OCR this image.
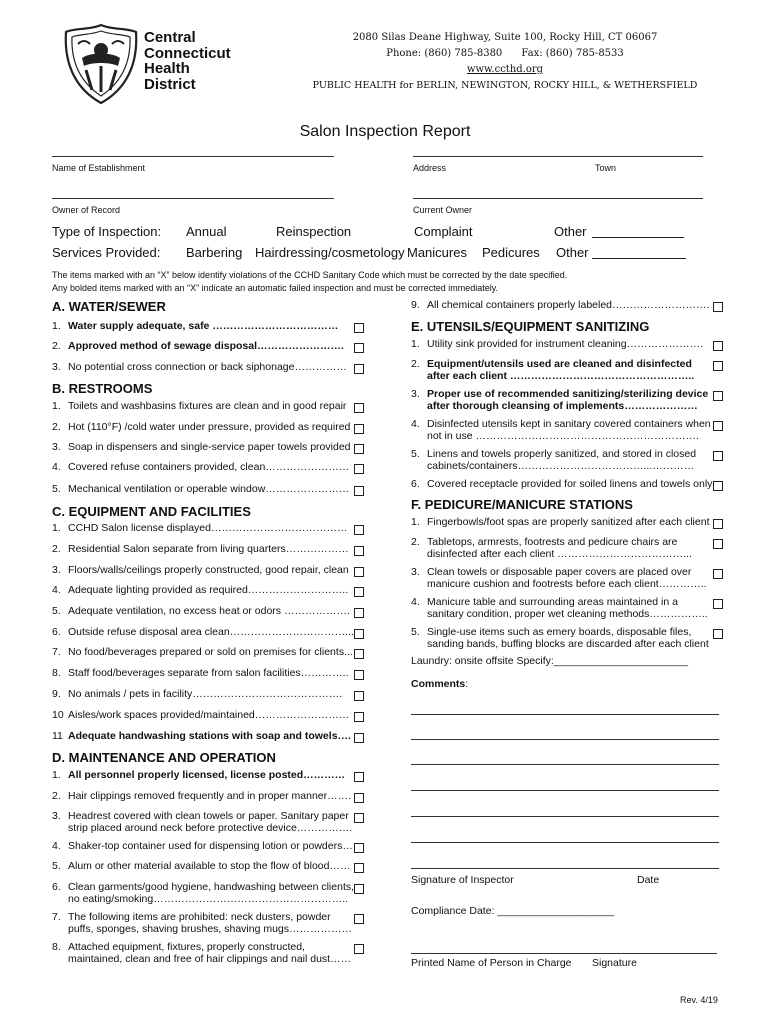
Central
Connecticut
Health
District
2080 Silas Deane Highway, Suite 100, Rocky Hill, CT 06067
Phone: (860) 785-8380      Fax: (860) 785-8533
www.ccthd.org
PUBLIC HEALTH for BERLIN, NEWINGTON, ROCKY HILL, & WETHERSFIELD
Salon Inspection Report
Name of Establishment	Address	Town
Owner of Record	Current Owner
Type of Inspection: Annual	Reinspection	Complaint	Other
Services Provided: Barbering Hairdressing/cosmetology Manicures Pedicures Other
The items marked with an “X” below identify violations of the CCHD Sanitary Code which must be corrected by the date specified.
Any bolded items marked with an “X” indicate an automatic failed inspection and must be corrected immediately.
A. WATER/SEWER
1. Water supply adequate, safe ………………………………
2. Approved method of sewage disposal…………………….
3. No potential cross connection or back siphonage……………
B. RESTROOMS
1. Toilets and washbasins fixtures are clean and in good repair
2. Hot (110°F) /cold water under pressure, provided as required
3. Soap in dispensers and single-service paper towels provided
4. Covered refuse containers provided, clean……………………
5. Mechanical ventilation or operable window……………………
C. EQUIPMENT AND FACILITIES
1. CCHD Salon license displayed…………………………………
2. Residential Salon separate from living quarters………………
3. Floors/walls/ceilings properly constructed, good repair, clean
4. Adequate lighting provided as required………………………..
5. Adequate ventilation, no excess heat or odors ……………….
6. Outside refuse disposal area clean……………………………...
7. No food/beverages prepared or sold on premises for clients...
8. Staff food/beverages separate from salon facilities…………..
9. No animals / pets in facility…………………………………….
10 Aisles/work spaces provided/maintained………………………
11 Adequate handwashing stations with soap and towels….
D. MAINTENANCE AND OPERATION
1. All personnel properly licensed, license posted…………
2. Hair clippings removed frequently and in proper manner…….
3. Headrest covered with clean towels or paper. Sanitary paper
strip placed around neck before protective device…………….
4. Shaker-top container used for dispensing lotion or powders…
5. Alum or other material available to stop the flow of blood……
6. Clean garments/good hygiene, handwashing between clients,
no eating/smoking………………………………………………..
7. The following items are prohibited: neck dusters, powder
puffs, sponges, shaving brushes, shaving mugs………………
8. Attached equipment, fixtures, properly constructed,
maintained, clean and free of hair clippings and nail dust……
9. All chemical containers properly labeled……………………….
E. UTENSILS/EQUIPMENT SANITIZING
1. Utility sink provided for instrument cleaning………………….
2. Equipment/utensils used are cleaned and disinfected
after each client ……………………………………………..
3. Proper use of recommended sanitizing/sterilizing device
after thorough cleansing of implements…………………
4. Disinfected utensils kept in sanitary covered containers when
not in use ……………………………………………………….
5. Linens and towels properly sanitized, and stored in closed
cabinets/containers………………………………...…………
6. Covered receptacle provided for soiled linens and towels only
F. PEDICURE/MANICURE STATIONS
1. Fingerbowls/foot spas are properly sanitized after each client
2. Tabletops, armrests, footrests and pedicure chairs are
disinfected after each client ………………………………...
3. Clean towels or disposable paper covers are placed over
manicure cushion and footrests before each client…………..
4. Manicure table and surrounding areas maintained in a
sanitary condition, proper wet cleaning methods……………..
5. Single-use items such as emery boards, disposable files,
sanding bands, buffing blocks are discarded after each client
Laundry: onsite offsite Specify:_______________________
Comments:
Signature of Inspector	Date
Compliance Date: ____________________
Printed Name of Person in Charge Signature
Rev. 4/19
